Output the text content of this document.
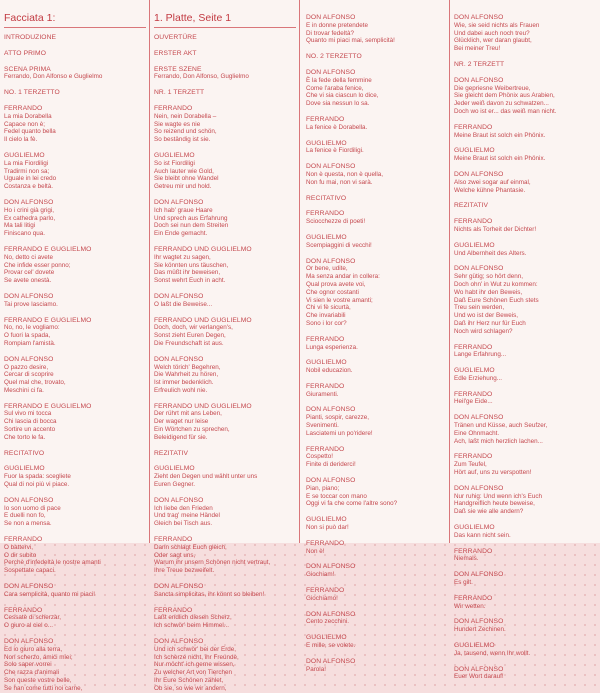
Facciata 1:
INTRODUZIONE
ATTO PRIMO
SCENA PRIMA
Ferrando, Don Alfonso e Guglielmo
NO. 1 TERZETTO
FERRANDO
La mia Dorabella
Capace non è;
Fedel quanto bella
Il cielo la fè.
GUGLIELMO
La mia Fiordiligi
Tradirmi non sa;
Uguale in lei credo
Costanza e beltà.
DON ALFONSO
Ho i crini già grigi,
Ex cathedra parlo,
Ma tali litigi
Finiscano qua.
FERRANDO E GUGLIELMO
No, detto ci avete
Che infide esser ponno;
Provar cel' dovete
Se avete onestà.
DON ALFONSO
Tai prove lasciamo.
FERRANDO E GUGLIELMO
No, no, le vogliamo:
O fuori la spada,
Rompiam l'amistà.
DON ALFONSO
O pazzo desire,
Cercar di scoprire
Quel mal che, trovato,
Meschini ci fa.
FERRANDO E GUGLIELMO
Sul vivo mi tocca
Chi lascia di bocca
Sortire un accento
Che torto le fa.
RECITATIVO
GUGLIELMO
Fuor la spada: scegliete
Qual di noi più vi piace.
DON ALFONSO
Io son uomo di pace
E duelli non fo,
Se non a mensa.
FERRANDO
O battervi,
O dir subito
Perchè d'infedeltà le nostre amanti
Sospettate capaci.
DON ALFONSO
Cara semplicità, quanto mi piaci!
FERRANDO
Cessate di scherzar,
O giuro al ciel o...
DON ALFONSO
Ed io giuro alla terra,
Non scherzo, amici miei;
Solo saper vorrei
Che razza d'animali
Son queste vostre belle,
Se han come tutti noi carne,
1. Platte, Seite 1
OUVERTÜRE
ERSTER AKT
ERSTE SZENE
Ferrando, Don Alfonso, Guglielmo
NR. 1 TERZETT
FERRANDO
Nein, nein Dorabella –
Sie wagte es nie
So reizend und schön,
So beständig ist sie.
GUGLIELMO
So ist Fiordiligi
Auch lauter wie Gold,
Sie bleibt ohne Wandel
Getreu mir und hold.
DON ALFONSO
Ich hab' graue Haare
Und sprech aus Erfahrung
Doch sei nun dem Streiten
Ein Ende gemacht.
FERRANDO UND GUGLIELMO
Ihr wagtet zu sagen,
Sie könnten uns täuschen,
Das müßt ihr beweisen,
Sonst wehrt Euch in acht.
DON ALFONSO
O laßt die Beweise...
FERRANDO UND GUGLIELMO
Doch, doch, wir verlangen's,
Sonst zieht Euren Degen,
Die Freundschaft ist aus.
DON ALFONSO
Welch törich' Begehren,
Die Wahrheit zu hören,
Ist immer bedenklich.
Erfreulich wohl nie.
FERRANDO UND GUGLIELMO
Der rührt mit ans Leben,
Der waget nur leise
Ein Wörtchen zu sprechen,
Beleidigend für sie.
REZITATIV
GUGLIELMO
Zieht den Degen und wählt unter uns
Euren Gegner.
DON ALFONSO
Ich liebe den Frieden
Und trag' meine Händel
Gleich bei Tisch aus.
FERRANDO
Dann schlagt Euch gleich,
Oder sagt uns,
Warum ihr unsern Schönen nicht vertraut,
Ihre Treue bezweifelt.
DON ALFONSO
Sancta simplicitas, ihr könnt so bleiben!
FERRANDO
Laßt endlich diesen Scherz,
Ich schwör' beim Himmel...
DON ALFONSO
Und ich schwör' bei der Erde,
Ich scherze nicht, ihr Freunde,
Nur möcht' ich gerne wissen,
Zu welcher Art von Tierchen
Ihr Eure Schönen zählet,
Ob sie, so wie wir andern,
DON ALFONSO
E in donne pretendete
Di trovar fedeltà?
Quanto mi piaci mai, semplicità!
NO. 2 TERZETTO
DON ALFONSO
È la fede della femmine
Come l'araba fenice,
Che vi sia ciascun lo dice,
Dove sia nessun lo sa.
FERRANDO
La fenice è Dorabella.
GUGLIELMO
La fenice è Fiordiligi.
DON ALFONSO
Non è questa, non è quella,
Non fu mai, non vi sarà.
RECITATIVO
FERRANDO
Sciocchezze di poeti!
GUGLIELMO
Scempiaggini di vecchi!
DON ALFONSO
Or bene, udite,
Ma senza andar in collera:
Qual prova avete voi,
Che ognor costanti
Vi sien le vostre amanti;
Chi vi fè sicurtà,
Che invariabili
Sono i lor cor?
FERRANDO
Lunga esperienza.
GUGLIELMO
Nobil educazion.
FERRANDO
Giuramenti.
DON ALFONSO
Pianti, sospir, carezze,
Svenimenti.
Lasciatemi un po'ridere!
FERRANDO
Cospetto!
Finite di deriderci!
DON ALFONSO
Pian, piano;
E se toccar con mano
Oggi vi fa che come l'altre sono?
GUGLIELMO
Non si può dar!
FERRANDO
Non è!
DON ALFONSO
Giochiam!
FERRANDO
Giochiamo!
DON ALFONSO
Cento zecchini.
GUGLIELMO
E mille, se volete.
DON ALFONSO
Parola!
DON ALFONSO
Wie, sie seid nichts als Frauen
Und dabei auch noch treu?
Glücklich, wer daran glaubt,
Bei meiner Treu!
NR. 2 TERZETT
DON ALFONSO
Die gepriesne Weibertreue,
Sie gleicht dem Phönix aus Arabien,
Jeder weiß davon zu schwatzen...
Doch wo ist er... das weiß man nicht.
FERRANDO
Meine Braut ist solch ein Phönix.
GUGLIELMO
Meine Braut ist solch ein Phönix.
DON ALFONSO
Also zwei sogar auf einmal,
Welche kühne Phantasie.
REZITATIV
FERRANDO
Nichts als Torheit der Dichter!
GUGLIELMO
Und Albernheit des Alters.
DON ALFONSO
Sehr gütig; so hört denn,
Doch ohn' in Wut zu kommen:
Wo habt ihr den Beweis,
Daß Eure Schönen Euch stets
Treu sein werden,
Und wo ist der Beweis,
Daß ihr Herz nur für Euch
Noch wird schlagen?
FERRANDO
Lange Erfahrung...
GUGLIELMO
Edle Erziehung...
FERRANDO
Heil'ge Eide...
DON ALFONSO
Tränen und Küsse, auch Seufzer,
Eine Ohnmacht.
Ach, laßt mich herzlich lachen...
FERRANDO
Zum Teufel,
Hört auf, uns zu verspotten!
DON ALFONSO
Nur ruhig: Und wenn ich's Euch
Handgreiflich heute beweise,
Daß sie wie alle andern?
GUGLIELMO
Das kann nicht sein.
FERRANDO
Niemals.
DON ALFONSO
Es gilt.
FERRANDO
Wir wetten.
DON ALFONSO
Hundert Zechinen.
GUGLIELMO
Ja, tausend, wenn Ihr wollt.
DON ALFONSO
Euer Wort darauf!
